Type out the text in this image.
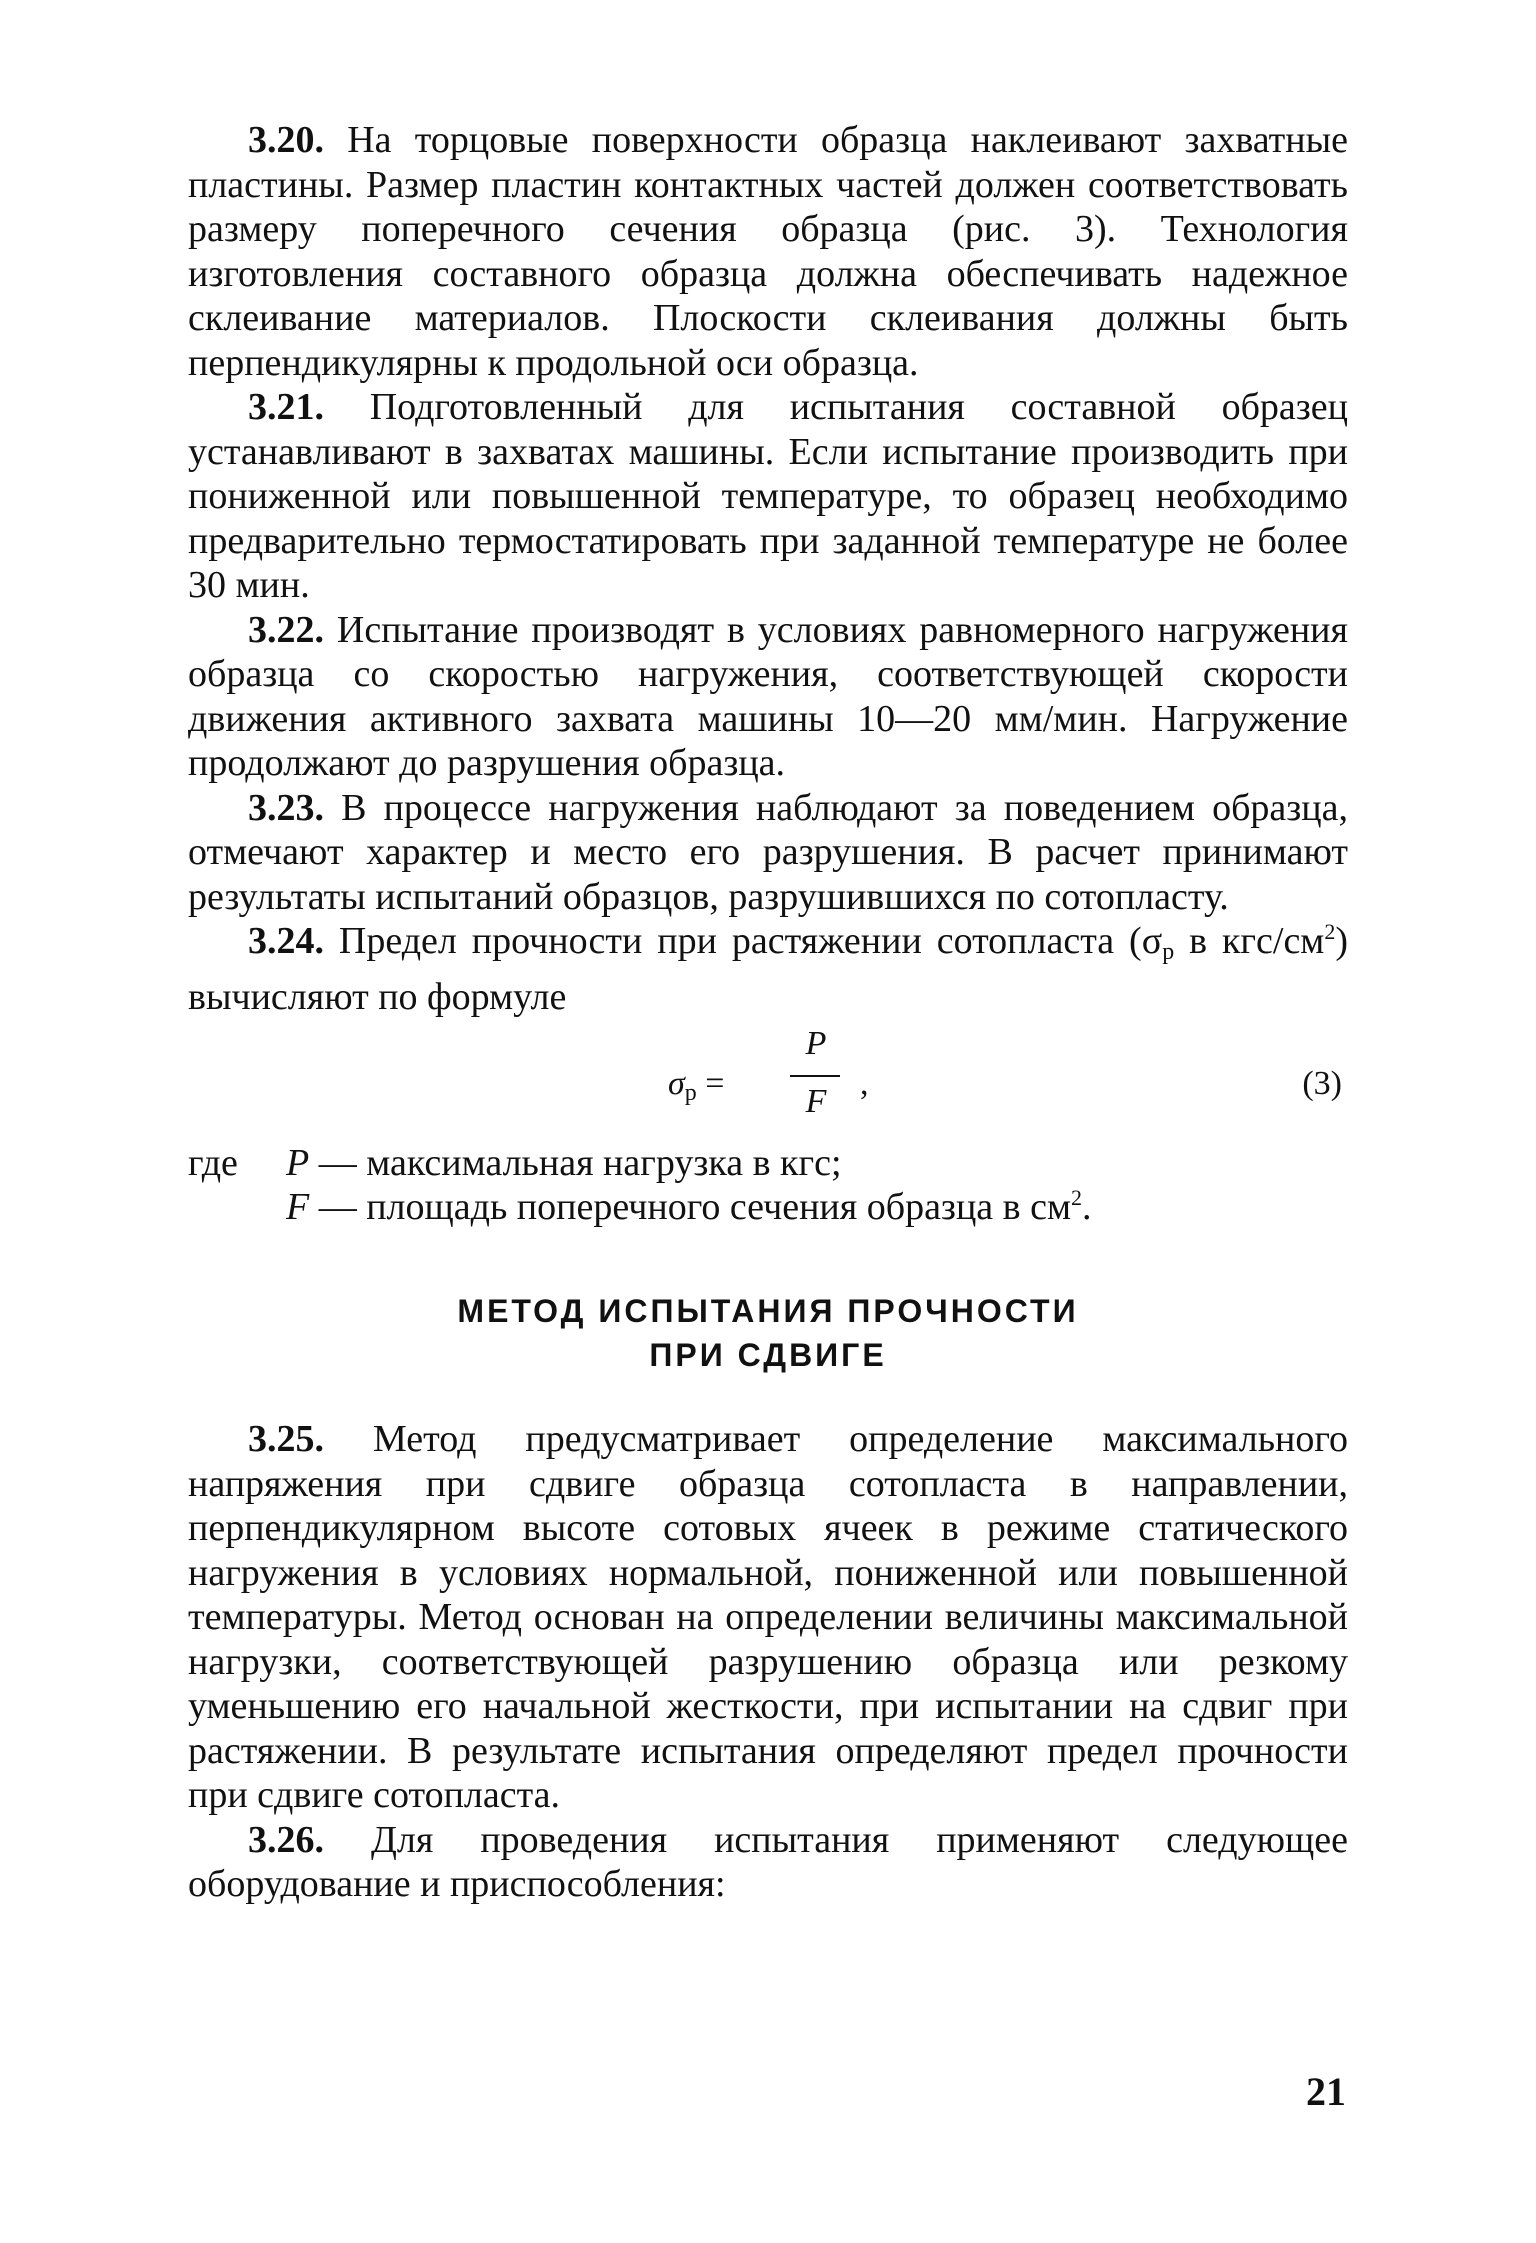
3.20. На торцовые поверхности образца наклеивают захватные пластины. Размер пластин контактных частей должен соответствовать размеру поперечного сечения образца (рис. 3). Технология изготовления составного образца должна обеспечивать надежное склеивание материалов. Плоскости склеивания должны быть перпендикулярны к продольной оси образца.

3.21. Подготовленный для испытания составной образец устанавливают в захватах машины. Если испытание производить при пониженной или повышенной температуре, то образец необходимо предварительно термостатировать при заданной температуре не более 30 мин.

3.22. Испытание производят в условиях равномерного нагружения образца со скоростью нагружения, соответствующей скорости движения активного захвата машины 10—20 мм/мин. Нагружение продолжают до разрушения образца.

3.23. В процессе нагружения наблюдают за поведением образца, отмечают характер и место его разрушения. В расчет принимают результаты испытаний образцов, разрушившихся по сотопласту.

3.24. Предел прочности при растяжении сотопласта ($\sigma_р$ в кгс/$см^2$) вычисляют по формуле

$\sigma_р$ =
P
F ,	(3)
где P — максимальная нагрузка в кгс;
F — площадь поперечного сечения образца в $см^2$.
МЕТОД ИСПЫТАНИЯ ПРОЧНОСТИ
ПРИ СДВИГЕ

3.25. Метод предусматривает определение максимального напряжения при сдвиге образца сотопласта в направлении, перпендикулярном высоте сотовых ячеек в режиме статического нагружения в условиях нормальной, пониженной или повышенной температуры. Метод основан на определении величины максимальной нагрузки, соответствующей разрушению образца или резкому уменьшению его начальной жесткости, при испытании на сдвиг при растяжении. В результате испытания определяют предел прочности при сдвиге сотопласта.

3.26. Для проведения испытания применяют следующее оборудование и приспособления:

21
